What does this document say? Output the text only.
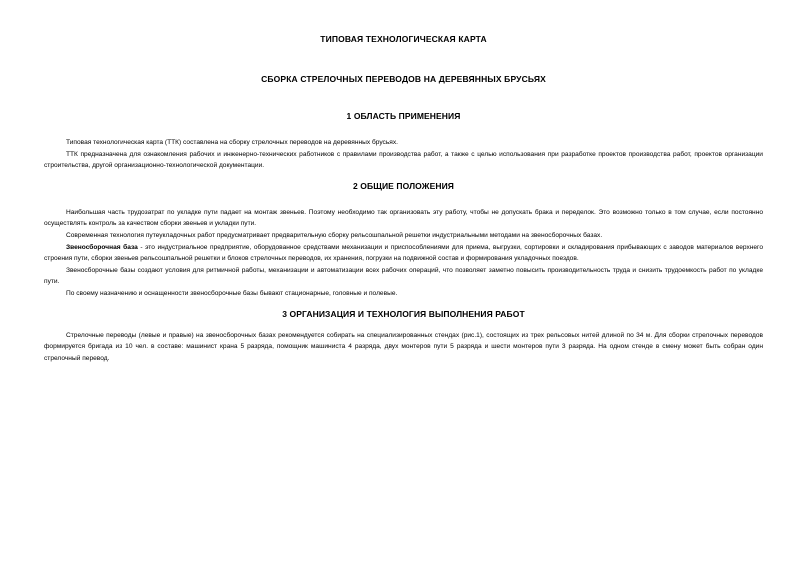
ТИПОВАЯ ТЕХНОЛОГИЧЕСКАЯ КАРТА
СБОРКА СТРЕЛОЧНЫХ ПЕРЕВОДОВ НА ДЕРЕВЯННЫХ БРУСЬЯХ
1 ОБЛАСТЬ ПРИМЕНЕНИЯ

Типовая технологическая карта (ТТК) составлена на сборку стрелочных переводов на деревянных брусьях.

ТТК предназначена для ознакомления рабочих и инженерно-технических работников с правилами производства работ, а также с целью использования при разработке проектов производства работ, проектов организации строительства, другой организационно-технологической документации.

2 ОБЩИЕ ПОЛОЖЕНИЯ

Наибольшая часть трудозатрат по укладке пути падает на монтаж звеньев. Поэтому необходимо так организовать эту работу, чтобы не допускать брака и переделок. Это возможно только в том случае, если постоянно осуществлять контроль за качеством сборки звеньев и укладки пути.

Современная технология путеукладочных работ предусматривает предварительную сборку рельсошпальной решетки индустриальными методами на звеносборочных базах.

Звеносборочная база - это индустриальное предприятие, оборудованное средствами механизации и приспособлениями для приема, выгрузки, сортировки и складирования прибывающих с заводов материалов верхнего строения пути, сборки звеньев рельсошпальной решетки и блоков стрелочных переводов, их хранения, погрузки на подвижной состав и формирования укладочных поездов.

Звеносборочные базы создают условия для ритмичной работы, механизации и автоматизации всех рабочих операций, что позволяет заметно повысить производительность труда и снизить трудоемкость работ по укладке пути.

По своему назначению и оснащенности звеносборочные базы бывают стационарные, головные и полевые.

3 ОРГАНИЗАЦИЯ И ТЕХНОЛОГИЯ ВЫПОЛНЕНИЯ РАБОТ

Стрелочные переводы (левые и правые) на звеносборочных базах рекомендуется собирать на специализированных стендах (рис.1), состоящих из трех рельсовых нитей длиной по 34 м. Для сборки стрелочных переводов формируется бригада из 10 чел. в составе: машинист крана 5 разряда, помощник машиниста 4 разряда, двух монтеров пути 5 разряда и шести монтеров пути 3 разряда. На одном стенде в смену может быть собран один стрелочный перевод.
